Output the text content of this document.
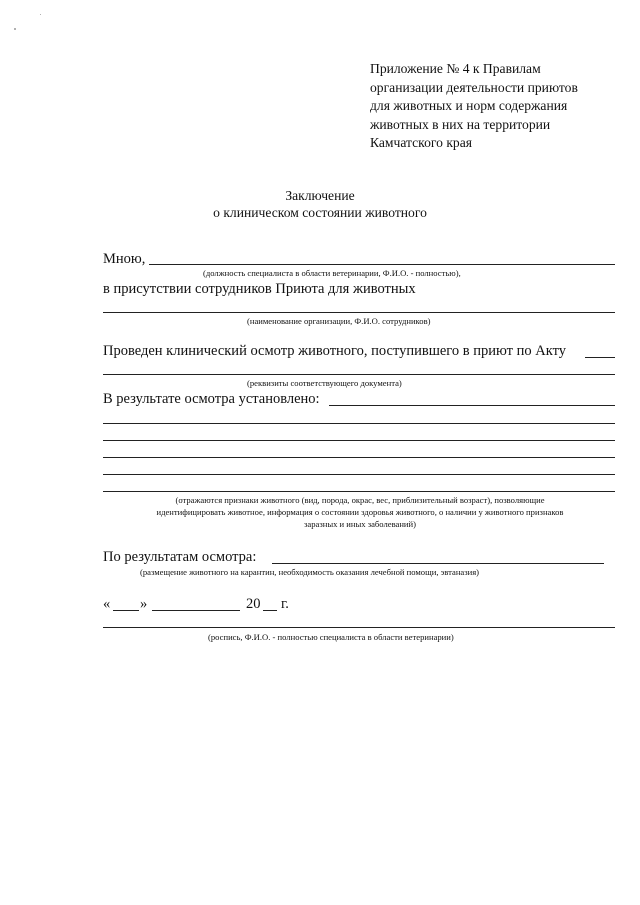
Приложение № 4 к Правилам
организации деятельности приютов
для животных и норм содержания
животных в них на территории
Камчатского края
Заключение
о клиническом состоянии животного
Мною,
(должность специалиста в области ветеринарии, Ф.И.О. - полностью),
в присутствии сотрудников Приюта для животных
(наименование организации, Ф.И.О. сотрудников)
Проведен клинический осмотр животного, поступившего в приют по Акту
(реквизиты соответствующего документа)
В результате осмотра установлено:
(отражаются признаки животного (вид, порода, окрас, вес, приблизительный возраст), позволяющие
идентифицировать животное, информация о состоянии здоровья животного, о наличии у животного признаков
заразных и иных заболеваний)
По результатам осмотра:
(размещение животного на карантин, необходимость оказания лечебной помощи, эвтаназия)
« »	20 г.
(роспись, Ф.И.О. - полностью специалиста в области ветеринарии)
